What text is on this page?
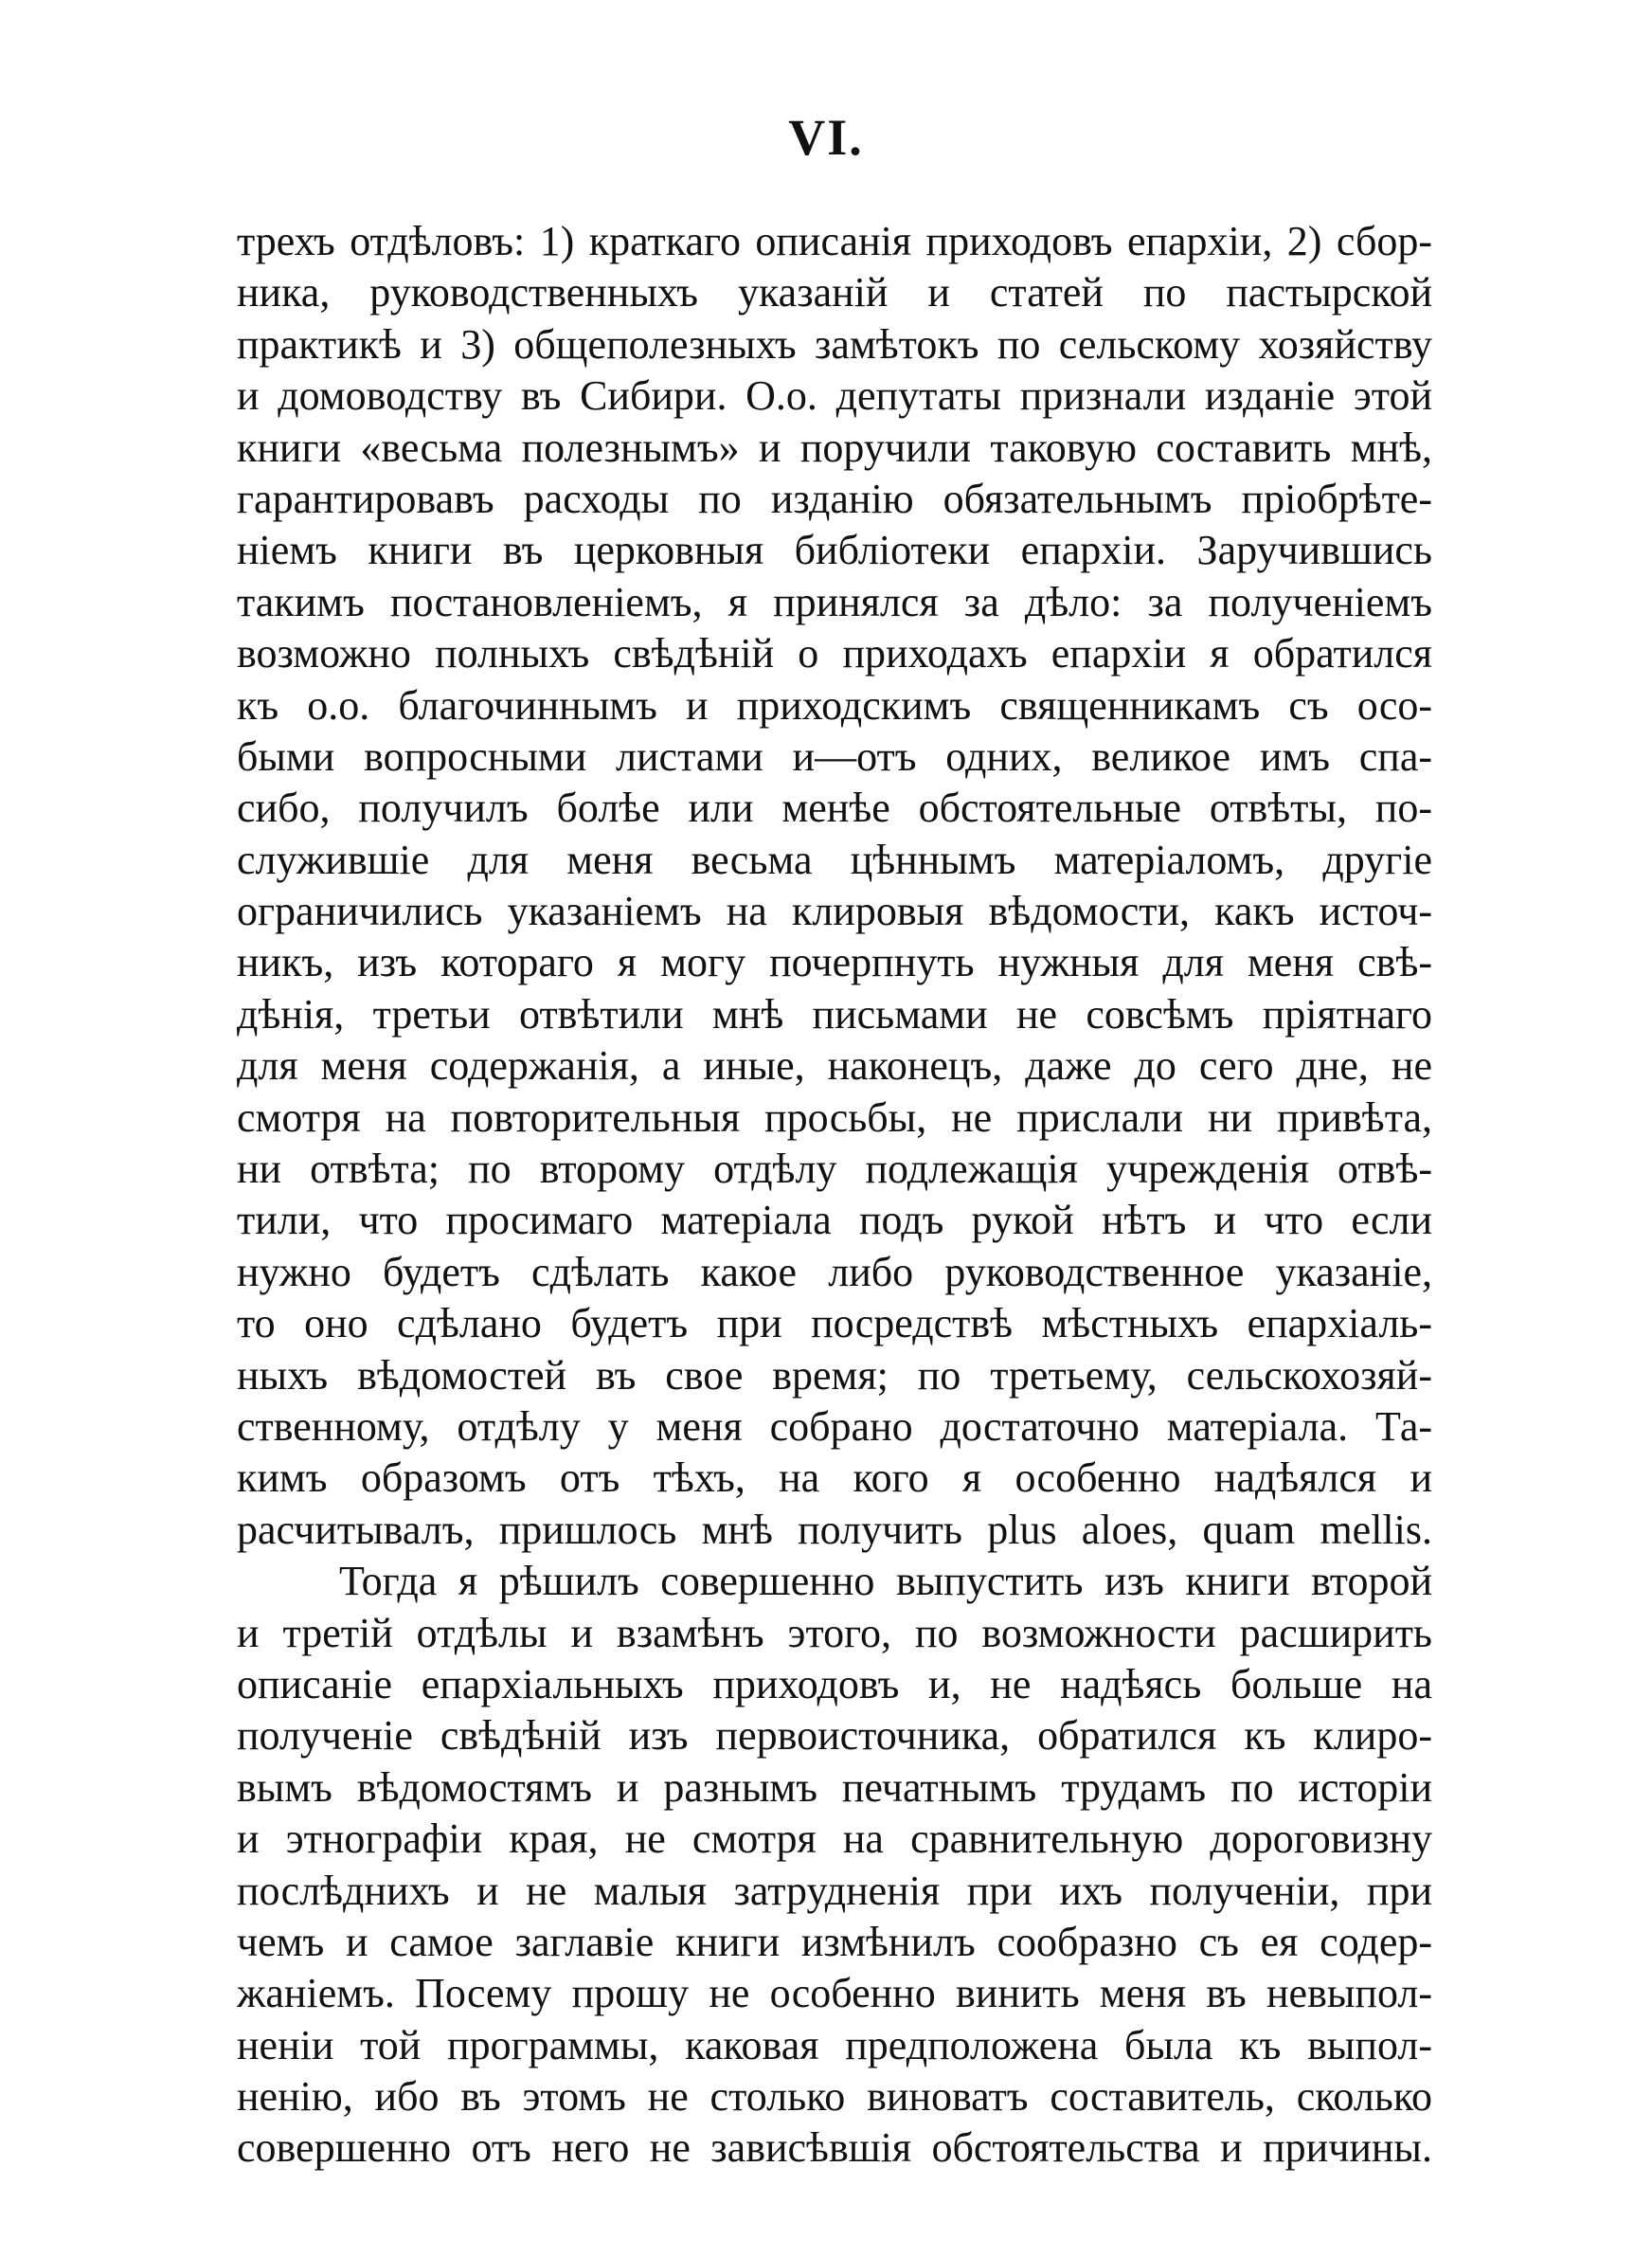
VI.
трехъ отдѣловъ: 1) краткаго описанія приходовъ епархіи, 2) сбор-
ника, руководственныхъ указаній и статей по пастырской
практикѣ и 3) общеполезныхъ замѣтокъ по сельскому хозяйству
и домоводству въ Сибири. О.о. депутаты признали изданіе этой
книги «весьма полезнымъ» и поручили таковую составить мнѣ,
гарантировавъ расходы по изданію обязательнымъ пріобрѣте-
ніемъ книги въ церковныя библіотеки епархіи. Заручившись
такимъ постановленіемъ, я принялся за дѣло: за полученіемъ
возможно полныхъ свѣдѣній о приходахъ епархіи я обратился
къ о.о. благочиннымъ и приходскимъ священникамъ съ осо-
быми вопросными листами и—отъ одних, великое имъ спа-
сибо, получилъ болѣе или менѣе обстоятельные отвѣты, по-
служившіе для меня весьма цѣннымъ матеріаломъ, другіе
ограничились указаніемъ на клировыя вѣдомости, какъ источ-
никъ, изъ котораго я могу почерпнуть нужныя для меня свѣ-
дѣнія, третьи отвѣтили мнѣ письмами не совсѣмъ пріятнаго
для меня содержанія, а иные, наконецъ, даже до сего дне, не
смотря на повторительныя просьбы, не прислали ни привѣта,
ни отвѣта; по второму отдѣлу подлежащія учрежденія отвѣ-
тили, что просимаго матеріала подъ рукой нѣтъ и что если
нужно будетъ сдѣлать какое либо руководственное указаніе,
то оно сдѣлано будетъ при посредствѣ мѣстныхъ епархіаль-
ныхъ вѣдомостей въ свое время; по третьему, сельскохозяй-
ственному, отдѣлу у меня собрано достаточно матеріала. Та-
кимъ образомъ отъ тѣхъ, на кого я особенно надѣялся и
расчитывалъ, пришлось мнѣ получить plus aloes, quam mellis.
Тогда я рѣшилъ совершенно выпустить изъ книги второй
и третій отдѣлы и взамѣнъ этого, по возможности расширить
описаніе епархіальныхъ приходовъ и, не надѣясь больше на
полученіе свѣдѣній изъ первоисточника, обратился къ клиро-
вымъ вѣдомостямъ и разнымъ печатнымъ трудамъ по исторіи
и этнографіи края, не смотря на сравнительную дороговизну
послѣднихъ и не малыя затрудненія при ихъ полученіи, при
чемъ и самое заглавіе книги измѣнилъ сообразно съ ея содер-
жаніемъ. Посему прошу не особенно винить меня въ невыпол-
неніи той программы, каковая предположена была къ выпол-
ненію, ибо въ этомъ не столько виноватъ составитель, сколько
совершенно отъ него не зависѣвшія обстоятельства и причины.
